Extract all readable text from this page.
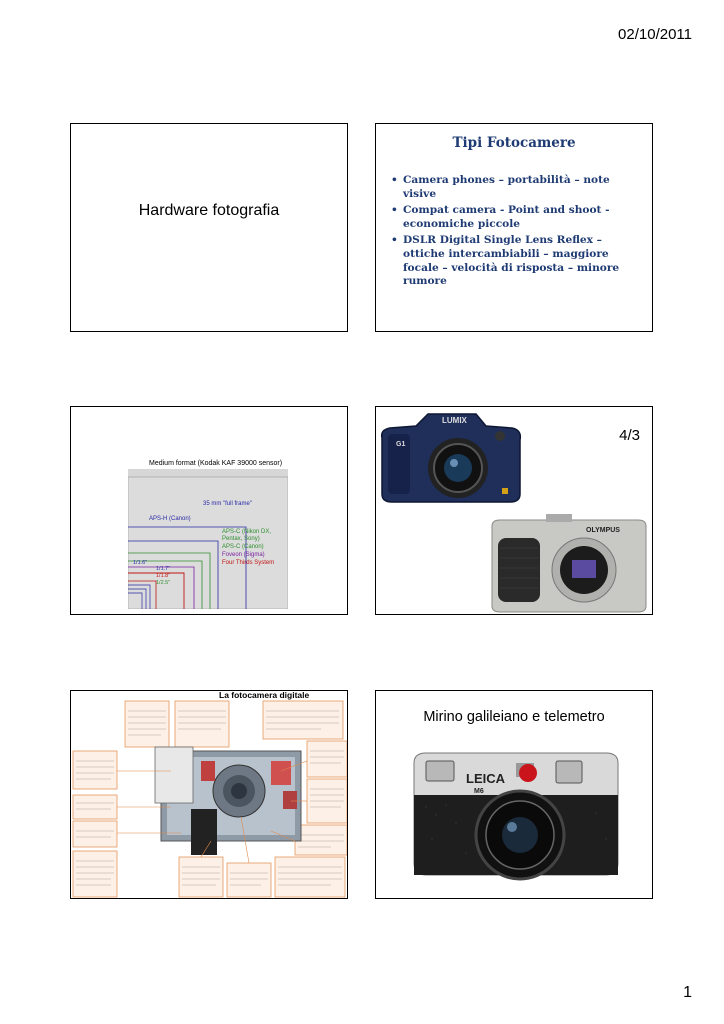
02/10/2011
Hardware fotografia
Tipi Fotocamere
• Camera phones – portabilità – note visive
• Compat camera - Point and shoot - economiche piccole
• DSLR Digital Single Lens Reflex – ottiche intercambiabili – maggiore focale – velocità di risposta – minore rumore
Medium format (Kodak KAF 39000 sensor)
35 mm "full frame"
APS-H (Canon)
APS-C (Nikon DX,
Pentax, Sony)
APS-C (Canon)
Foveon (Sigma)
Four Thirds System
1/1.6"
1/1.7"
1/1.8"
1/2.5"
4/3
LUMIX
G1
OLYMPUS
La fotocamera digitale
Mirino galileiano e telemetro
LEICA
M6
1
